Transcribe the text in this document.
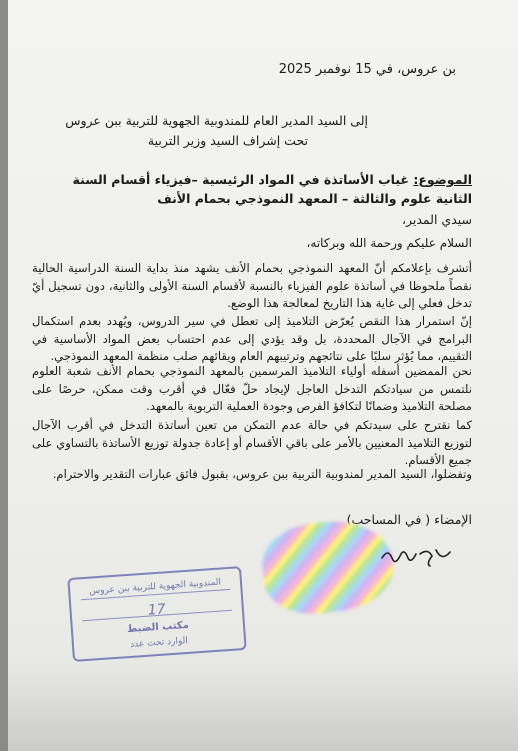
بن عروس، في 15 نوفمبر 2025
إلى السيد المدير العام للمندوبية الجهوية للتربية ببن عروس
تحت إشراف السيد وزير التربية
الموضوع: غياب الأساتذة في المواد الرئيسية –فيزياء أقسام السنة الثانية علوم والثالثة – المعهد النموذجي بحمام الأنف
سيدي المدير،
السلام عليكم ورحمة الله وبركاته،
أتشرف بإعلامكم أنّ المعهد النموذجي بحمام الأنف يشهد منذ بداية السنة الدراسية الحالية نقصاً ملحوظا في أساتذة علوم الفيزياء بالنسبة لأقسام السنة الأولى والثانية، دون تسجيل أيّ تدخل فعلي إلى غاية هذا التاريخ لمعالجة هذا الوضع.
إنّ استمرار هذا النقص يُعرّض التلاميذ إلى تعطل في سير الدروس، ويُهدد بعدم استكمال البرامج في الآجال المحددة، بل وقد يؤدي إلى عدم احتساب بعض المواد الأساسية في التقييم، مما يُؤثر سلبًا على نتائجهم وترتيبهم العام ويقائهم صلب منظمة المعهد النموذجي.
نحن الممضين أسفله أولياء التلاميذ المرسمين بالمعهد النموذجي بحمام الأنف شعبة العلوم نلتمس من سيادتكم التدخل العاجل لإيجاد حلّ فعّال في أقرب وقت ممكن، حرصًا على مصلحة التلاميذ وضمانًا لتكافؤ الفرص وجودة العملية التربوية بالمعهد.
كما نقترح على سيدتكم في حالة عدم التمكن من تعين أساتذة التدخل في أقرب الآجال لتوزيع التلاميذ المعنيين بالأمر على باقي الأقسام أو إعادة جدولة توزيع الأساتذة بالتساوي على جميع الأقسام.
وتفضلوا، السيد المدير لمندوبية التربية ببن عروس، بقبول فائق عبارات التقدير والاحترام.
الإمضاء ( في المساحب)
المندوبية الجهوية للتربية ببن عروس
17
مكتب الضبط
الوارد تحت عدد
